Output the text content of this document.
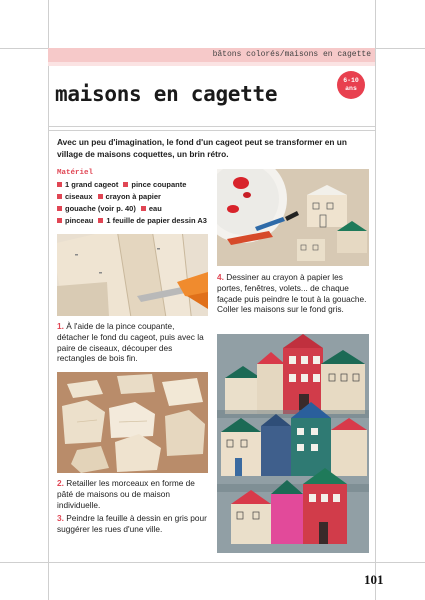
bâtons colorés/maisons en cagette
6-10
ans
maisons en cagette
Avec un peu d'imagination, le fond d'un cageot peut se transformer en un village de maisons coquettes, un brin rétro.
Matériel
1 grand cageot pince coupante
ciseaux crayon à papier
gouache (voir p. 40) eau
pinceau 1 feuille de papier dessin A3
1. À l'aide de la pince coupante, détacher le fond du cageot, puis avec la paire de ciseaux, découper des rectangles de bois fin.
2. Retailler les morceaux en forme de pâté de maisons ou de maison individuelle.
3. Peindre la feuille à dessin en gris pour suggérer les rues d'une ville.
4. Dessiner au crayon à papier les portes, fenêtres, volets... de chaque façade puis peindre le tout à la gouache. Coller les maisons sur le fond gris.
101
